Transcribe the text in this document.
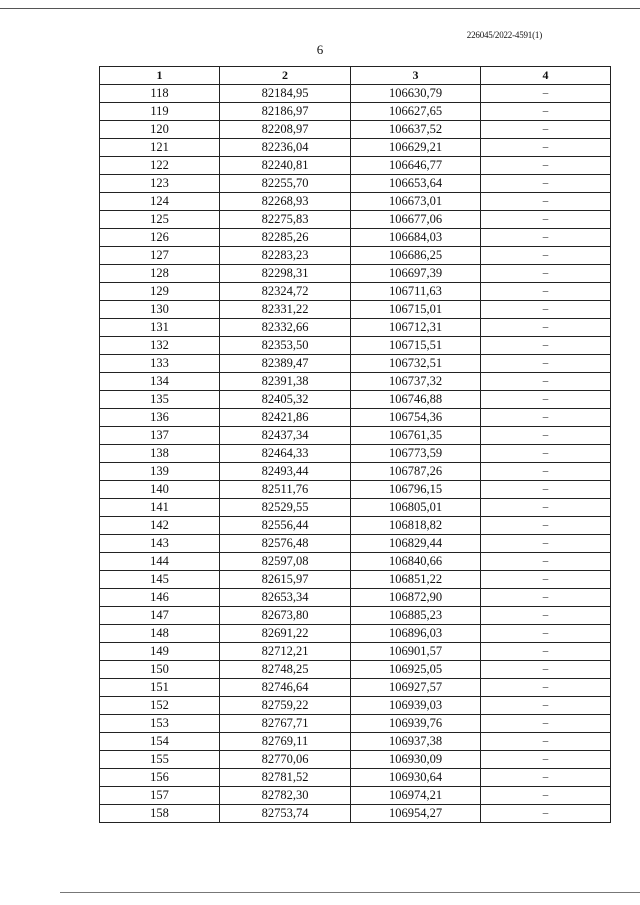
226045/2022-4591(1)
6
1	2	3	4
118	82184,95	106630,79	–
119	82186,97	106627,65	–
120	82208,97	106637,52	–
121	82236,04	106629,21	–
122	82240,81	106646,77	–
123	82255,70	106653,64	–
124	82268,93	106673,01	–
125	82275,83	106677,06	–
126	82285,26	106684,03	–
127	82283,23	106686,25	–
128	82298,31	106697,39	–
129	82324,72	106711,63	–
130	82331,22	106715,01	–
131	82332,66	106712,31	–
132	82353,50	106715,51	–
133	82389,47	106732,51	–
134	82391,38	106737,32	–
135	82405,32	106746,88	–
136	82421,86	106754,36	–
137	82437,34	106761,35	–
138	82464,33	106773,59	–
139	82493,44	106787,26	–
140	82511,76	106796,15	–
141	82529,55	106805,01	–
142	82556,44	106818,82	–
143	82576,48	106829,44	–
144	82597,08	106840,66	–
145	82615,97	106851,22	–
146	82653,34	106872,90	–
147	82673,80	106885,23	–
148	82691,22	106896,03	–
149	82712,21	106901,57	–
150	82748,25	106925,05	–
151	82746,64	106927,57	–
152	82759,22	106939,03	–
153	82767,71	106939,76	–
154	82769,11	106937,38	–
155	82770,06	106930,09	–
156	82781,52	106930,64	–
157	82782,30	106974,21	–
158	82753,74	106954,27	–
